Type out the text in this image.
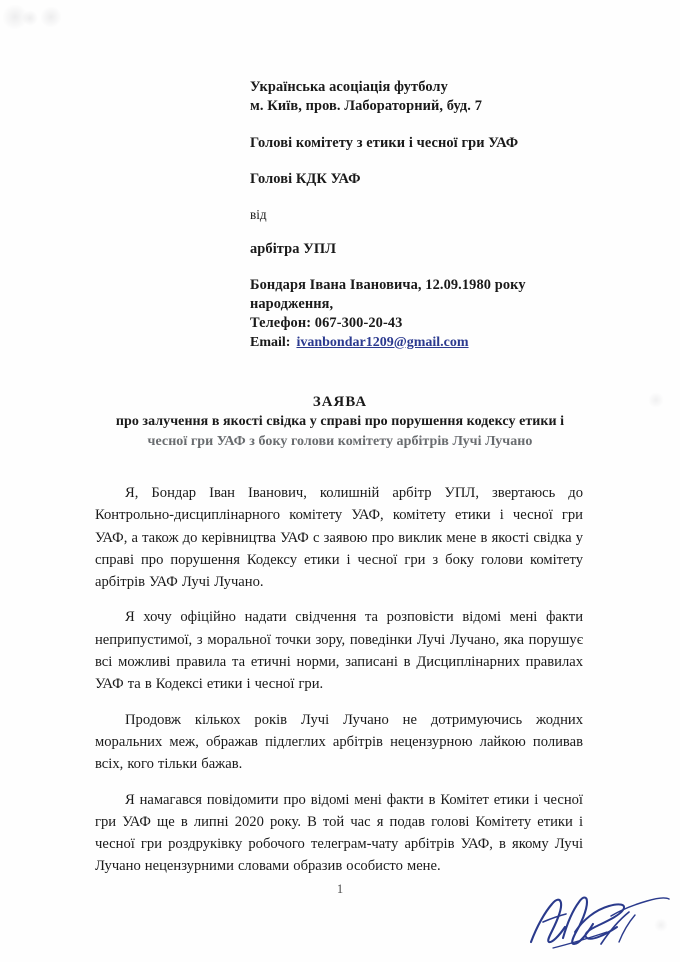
Українська асоціація футболу
м. Київ, пров. Лабораторний, буд. 7
Голові комітету з етики і чесної гри УАФ
Голові КДК УАФ
від
арбітра УПЛ
Бондаря Івана Івановича, 12.09.1980 року
народження,
Телефон: 067-300-20-43
Email: ivanbondar1209@gmail.com
ЗАЯВА
про залучення в якості свідка у справі про порушення кодексу етики і
чесної гри УАФ з боку голови комітету арбітрів Лучі Лучано

Я, Бондар Іван Іванович, колишній арбітр УПЛ, звертаюсь до Контрольно-дисциплінарного комітету УАФ, комітету етики і чесної гри УАФ, а також до керівництва УАФ с заявою про виклик мене в якості свідка у справі про порушення Кодексу етики і чесної гри з боку голови комітету арбітрів УАФ Лучі Лучано.

Я хочу офіційно надати свідчення та розповісти відомі мені факти неприпустимої, з моральної точки зору, поведінки Лучі Лучано, яка порушує всі можливі правила та етичні норми, записані в Дисциплінарних правилах УАФ та в Кодексі етики і чесної гри.

Продовж кількох років Лучі Лучано не дотримуючись жодних моральних меж, ображав підлеглих арбітрів нецензурною лайкою поливав всіх, кого тільки бажав.

Я намагався повідомити про відомі мені факти в Комітет етики і чесної гри УАФ ще в липні 2020 року. В той час я подав голові Комітету етики і чесної гри роздруківку робочого телеграм-чату арбітрів УАФ, в якому Лучі Лучано нецензурними словами образив особисто мене.

1
